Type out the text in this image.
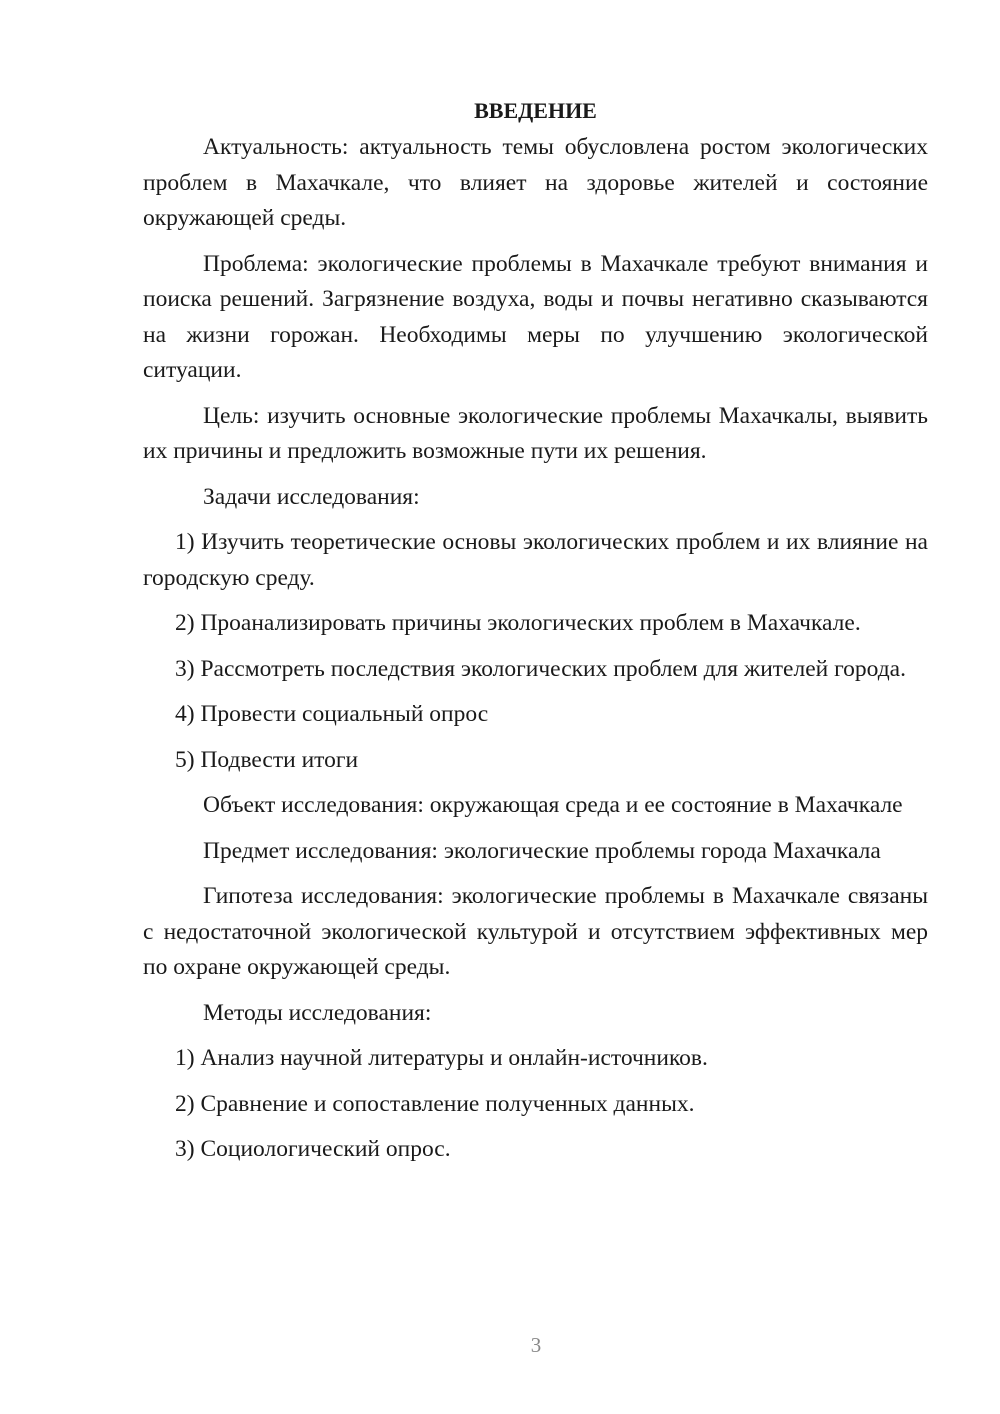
ВВЕДЕНИЕ

Актуальность: актуальность темы обусловлена ростом экологических проблем в Махачкале, что влияет на здоровье жителей и состояние окружающей среды.

Проблема: экологические проблемы в Махачкале требуют внимания и поиска решений. Загрязнение воздуха, воды и почвы негативно сказываются на жизни горожан. Необходимы меры по улучшению экологической ситуации.

Цель: изучить основные экологические проблемы Махачкалы, выявить их причины и предложить возможные пути их решения.

Задачи исследования:

1) Изучить теоретические основы экологических проблем и их влияние на городскую среду.

2) Проанализировать причины экологических проблем в Махачкале.

3) Рассмотреть последствия экологических проблем для жителей города.

4) Провести социальный опрос

5) Подвести итоги

Объект исследования: окружающая среда и ее состояние в Махачкале

Предмет исследования: экологические проблемы города Махачкала

Гипотеза исследования: экологические проблемы в Махачкале связаны с недостаточной экологической культурой и отсутствием эффективных мер по охране окружающей среды.

Методы исследования:

1) Анализ научной литературы и онлайн-источников.

2) Сравнение и сопоставление полученных данных.

3) Социологический опрос.

3
